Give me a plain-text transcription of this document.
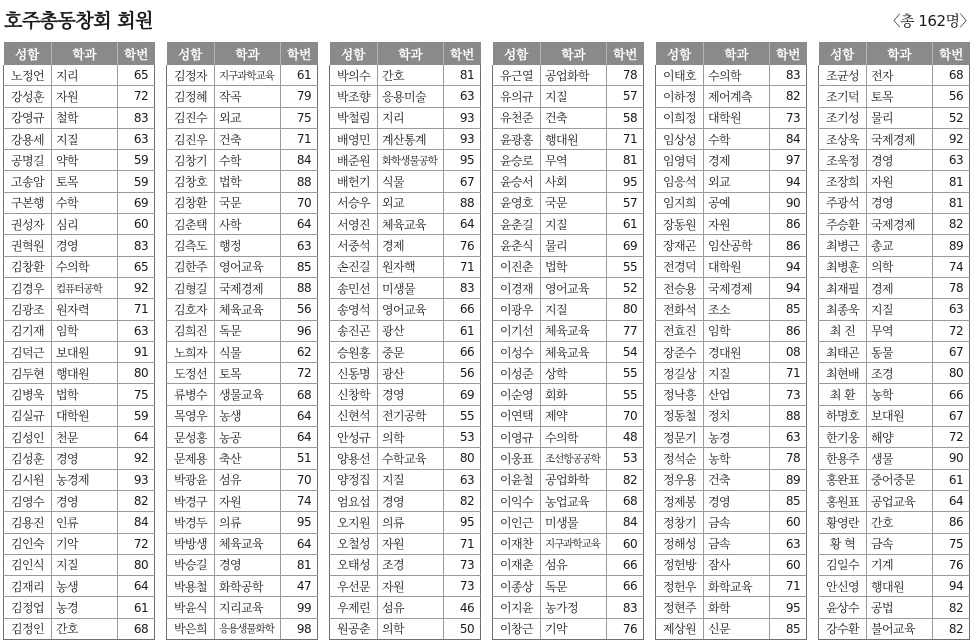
호주총동창회 회원	〈총 162명〉
성함	학과	학번
노정언	지리	65
강성훈	자원	72
강영규	철학	83
강용세	지질	63
공명길	약학	59
고송암	토목	59
구본행	수학	69
권성자	심리	60
권혁원	경영	83
김창환	수의학	65
김경우	컴퓨터공학	92
김광조	원자력	71
김기재	임학	63
김덕근	보대원	91
김두현	행대원	80
김병욱	법학	75
김실규	대학원	59
김성인	천문	64
김성훈	경영	92
김시원	농경제	93
김영수	경영	82
김용진	인류	84
김인숙	기악	72
김인식	지질	80
김재리	농생	64
김정업	농경	61
김정인	간호	68
성함	학과	학번
김정자	지구과학교육	61
김정혜	작곡	79
김진수	외교	75
김진우	건축	71
김창기	수학	84
김창호	법학	88
김창환	국문	70
김춘택	사학	64
김측도	행정	63
김한주	영어교육	85
김형길	국제경제	88
김호자	체육교육	56
김희진	독문	96
노희자	식물	62
도정선	토목	72
류병수	생물교육	68
목영우	농생	64
문성홍	농공	64
문제용	축산	51
박광윤	섬유	70
박경구	자원	74
박경두	의류	95
박방생	체육교육	64
박승길	경영	81
박용철	화학공학	47
박윤식	지리교육	99
박은희	응용생물화학	98
성함	학과	학번
박의수	간호	81
박조향	응용미술	63
박철림	지리	93
배영민	계산통계	93
배준원	화학생물공학	95
배헌기	식물	67
서승우	외교	88
서영진	체육교육	64
서중석	경제	76
손진길	원자핵	71
송민선	미생물	83
송영석	영어교육	66
송진곤	광산	61
승원홍	중문	66
신동명	광산	56
신창학	경영	69
신현석	전기공학	55
안성규	의학	53
양용선	수학교육	80
양정집	지질	63
엄요섭	경영	82
오지원	의류	95
오철성	자원	71
오태성	조경	73
우선문	자원	73
우제린	섬유	46
원공춘	의학	50
성함	학과	학번
유근열	공업화학	78
유의규	지질	57
유천준	건축	58
윤광홍	행대원	71
윤승로	무역	81
윤승서	사회	95
윤영호	국문	57
윤춘길	지질	61
윤춘식	물리	69
이진춘	법학	55
이경재	영어교육	52
이광우	지질	80
이기선	체육교육	77
이성수	체육교육	54
이성준	상학	55
이순영	회화	55
이연택	제약	70
이영규	수의학	48
이웅표	조선항공공학	53
이윤철	공업화학	82
이익수	농업교육	68
이인근	미생물	84
이재찬	지구과학교육	60
이재춘	섬유	66
이종상	독문	66
이지윤	농가정	83
이창근	기악	76
성함	학과	학번
이태호	수의학	83
이하정	제어계측	82
이희정	대학원	73
임상성	수학	84
임영덕	경제	97
임응석	외교	94
임지희	공예	90
장동원	자원	86
장재곤	임산공학	86
전경덕	대학원	94
전승용	국제경제	94
전화석	조소	85
전효진	임학	86
장준수	경대원	08
정길상	지질	71
정낙흥	산업	73
정동철	정치	88
정문기	농경	63
정석순	농학	78
정우용	건축	89
정제봉	경영	85
정창기	금속	60
정해성	금속	63
정헌방	잠사	60
정헌우	화학교육	71
정현주	화학	95
제상원	신문	85
성함	학과	학번
조균성	전자	68
조기덕	토목	56
조기성	물리	52
조상욱	국제경제	92
조욱정	경영	63
조장희	자원	81
주광석	경영	81
주승환	국제경제	82
최병근	총교	89
최병훈	의학	74
최재필	경제	78
최종욱	지질	63
최 진	무역	72
최태곤	동물	67
최현배	조경	80
최 환	농학	66
하명호	보대원	67
한기웅	해양	72
한용주	생물	90
홍완표	중어중문	61
홍원표	공업교육	64
황영란	간호	86
황 혁	금속	75
김일수	기계	76
안신영	행대원	94
윤상수	공법	82
강수환	불어교육	82
